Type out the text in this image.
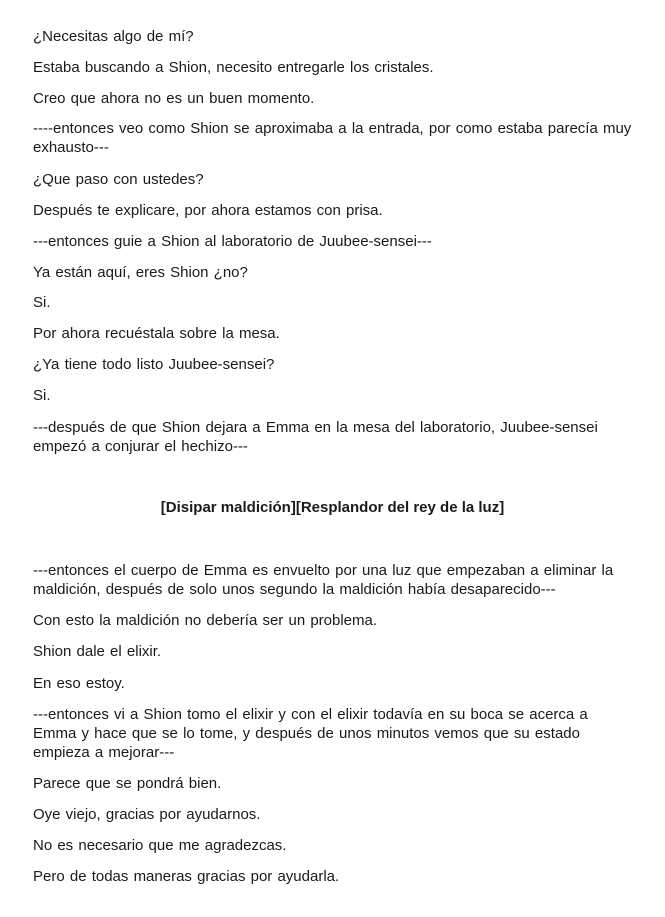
¿Necesitas algo de mí?

Estaba buscando a Shion, necesito entregarle los cristales.

Creo que ahora no es un buen momento.

----entonces veo como Shion se aproximaba a la entrada, por como estaba parecía muy exhausto---

¿Que paso con ustedes?

Después te explicare, por ahora estamos con prisa.

---entonces guie a Shion al laboratorio de Juubee-sensei---

Ya están aquí, eres Shion ¿no?

Si.

Por ahora recuéstala sobre la mesa.

¿Ya tiene todo listo Juubee-sensei?

Si.

---después de que Shion dejara a Emma en la mesa del laboratorio, Juubee-sensei empezó a conjurar el hechizo---

[Disipar maldición][Resplandor del rey de la luz]

---entonces el cuerpo de Emma es envuelto por una luz que empezaban a eliminar la maldición, después de solo unos segundo la maldición había desaparecido---

Con esto la maldición no debería ser un problema.

Shion dale el elixir.

En eso estoy.

---entonces vi a Shion tomo el elixir y con el elixir todavía en su boca se acerca a Emma y hace que se lo tome, y después de unos minutos vemos que su estado empieza a mejorar---

Parece que se pondrá bien.

Oye viejo, gracias por ayudarnos.

No es necesario que me agradezcas.

Pero de todas maneras gracias por ayudarla.
